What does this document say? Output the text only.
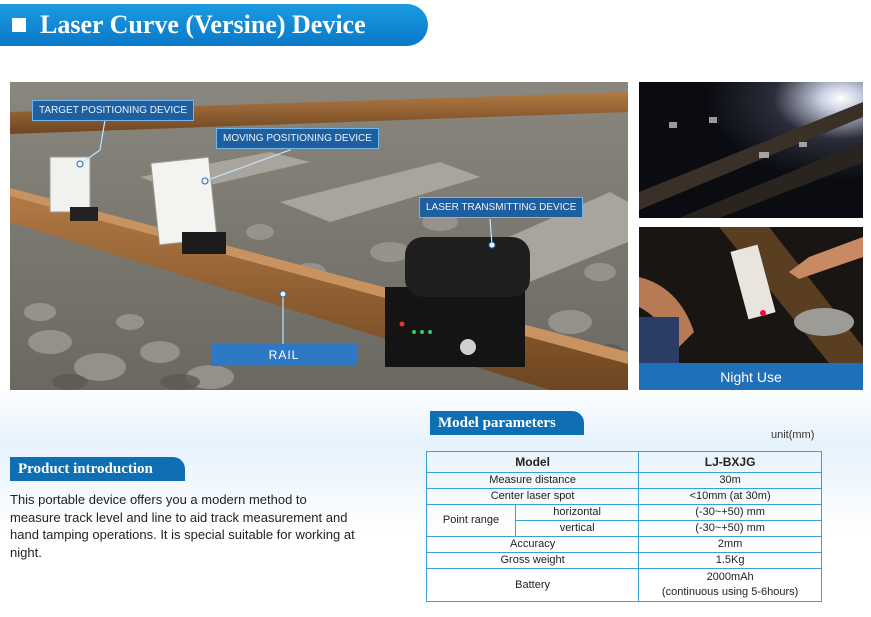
Laser Curve (Versine) Device
TARGET POSITIONING DEVICE
MOVING POSITIONING DEVICE
LASER TRANSMITTING DEVICE
RAIL
Night Use
Product introduction
This portable device offers you a modern method to measure track level and line to aid track measurement and hand tamping operations. It is special suitable for working at night.
Model parameters
unit(mm)
Model		LJ-BXJG
Measure distance		30m
Center laser spot		<10mm (at 30m)
Point range	horizontal	(-30~+50) mm
	vertical	(-30~+50) mm
Accuracy		2mm
Gross weight		1.5Kg
Battery		2000mAh
(continuous using 5-6hours)
